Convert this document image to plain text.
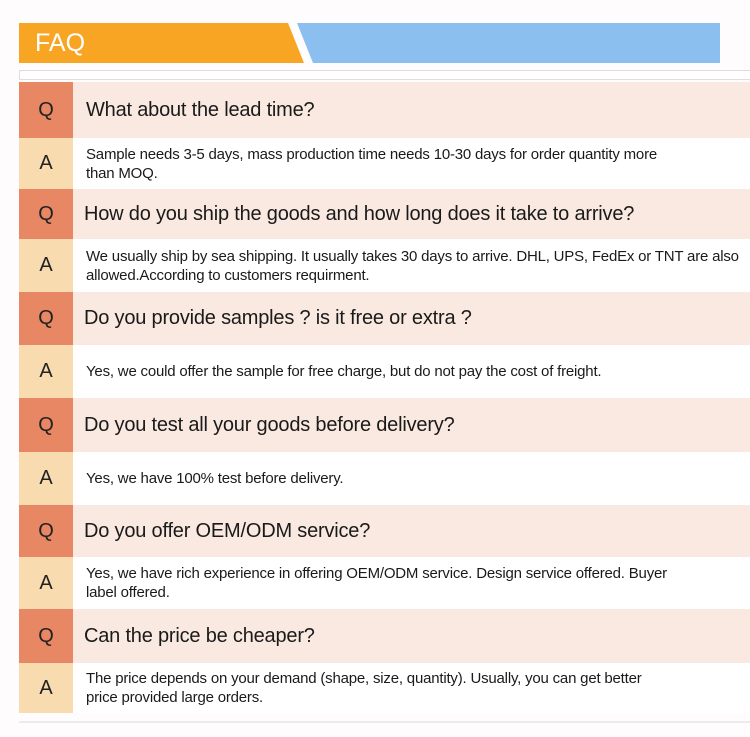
FAQ
Q	What about the lead time?
A	Sample needs 3-5 days, mass production time needs 10-30 days for order quantity more than MOQ.
Q	How do you ship the goods and how long does it take to arrive?
A	We usually ship by sea shipping. It usually takes 30 days to arrive. DHL, UPS, FedEx or TNT are also allowed.According to customers requirment.
Q	Do you provide samples ? is it free or extra ?
A	Yes, we could offer the sample for free charge, but do not pay the cost of freight.
Q	Do you test all your goods before delivery?
A	Yes, we have 100% test before delivery.
Q	Do you offer OEM/ODM service?
A	Yes, we have rich experience in offering OEM/ODM service. Design service offered. Buyer label offered.
Q	Can the price be cheaper?
A	The price depends on your demand (shape, size, quantity). Usually, you can get better price provided large orders.
